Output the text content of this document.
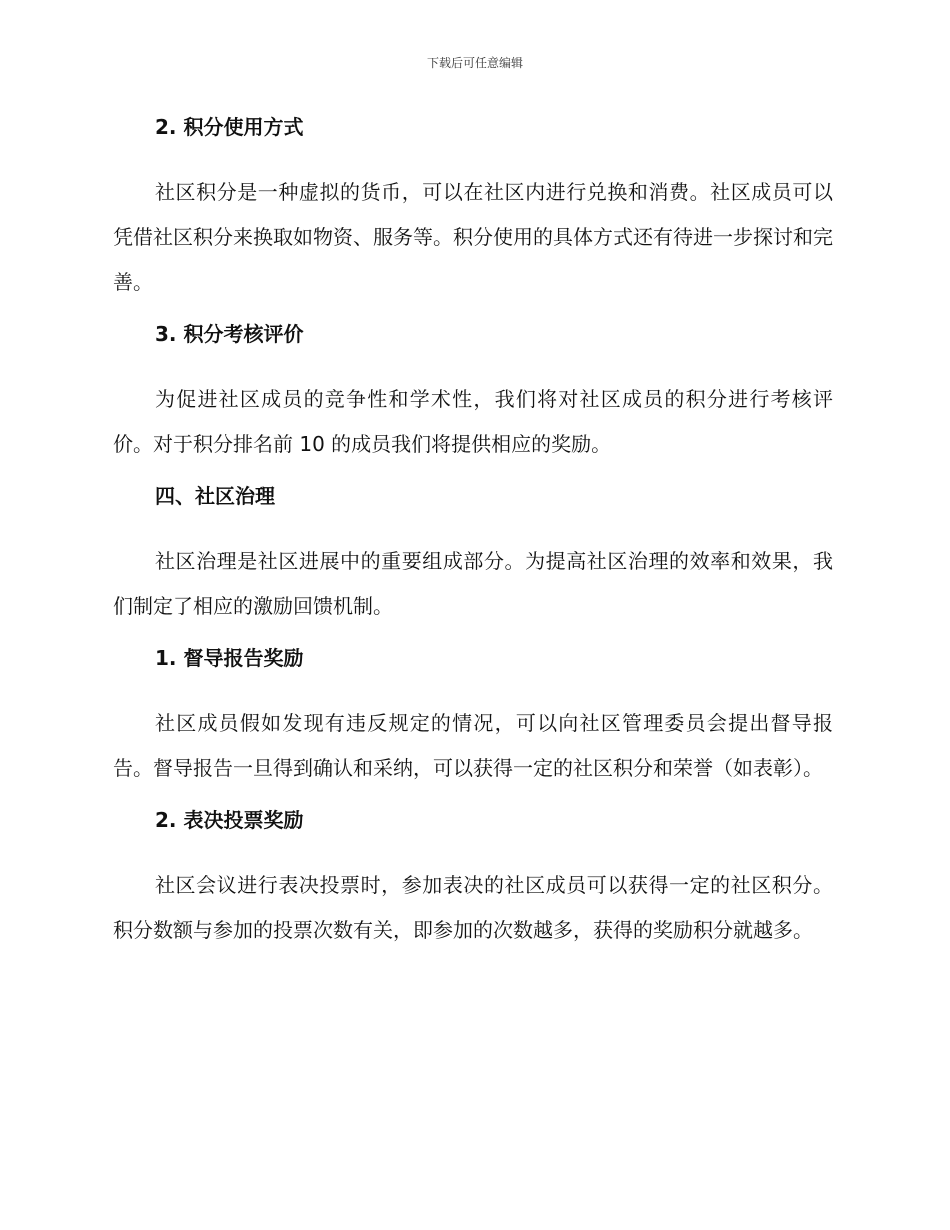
下载后可任意编辑
2. 积分使用方式

社区积分是一种虚拟的货币，可以在社区内进行兑换和消费。社区成员可以凭借社区积分来换取如物资、服务等。积分使用的具体方式还有待进一步探讨和完善。

3. 积分考核评价

为促进社区成员的竞争性和学术性，我们将对社区成员的积分进行考核评价。对于积分排名前 10 的成员我们将提供相应的奖励。

四、社区治理

社区治理是社区进展中的重要组成部分。为提高社区治理的效率和效果，我们制定了相应的激励回馈机制。

1. 督导报告奖励

社区成员假如发现有违反规定的情况，可以向社区管理委员会提出督导报告。督导报告一旦得到确认和采纳，可以获得一定的社区积分和荣誉（如表彰）。

2. 表决投票奖励

社区会议进行表决投票时，参加表决的社区成员可以获得一定的社区积分。积分数额与参加的投票次数有关，即参加的次数越多，获得的奖励积分就越多。
